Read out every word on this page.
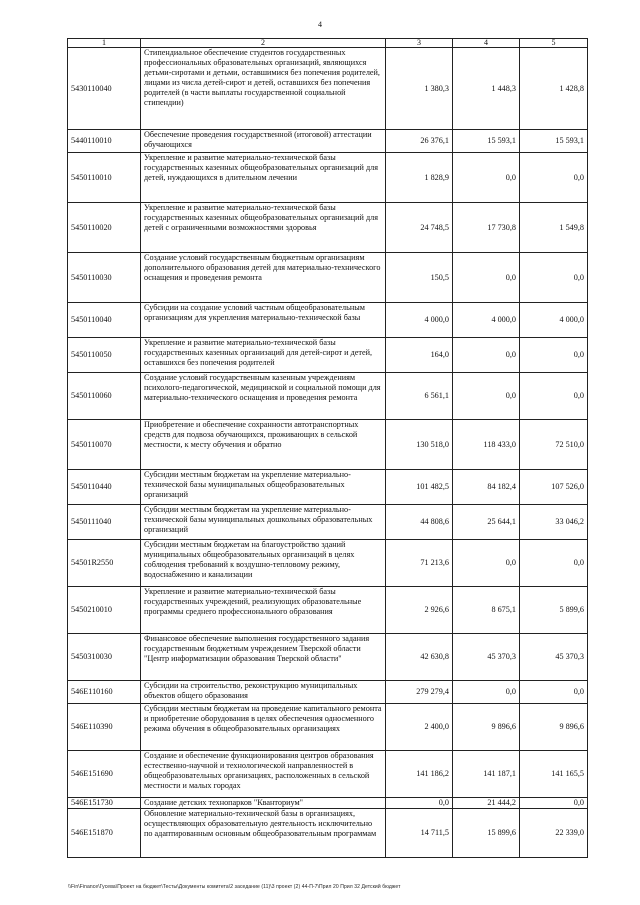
4
1	2	3	4	5
5430110040	Стипендиальное обеспечение студентов государственных профессиональных образовательных организаций, являющихся детьми-сиротами и детьми, оставшимися без попечения родителей, лицами из числа детей-сирот и детей, оставшихся без попечения родителей (в части выплаты государственной социальной стипендии)	1 380,3	1 448,3	1 428,8
5440110010	Обеспечение проведения государственной (итоговой) аттестации обучающихся	26 376,1	15 593,1	15 593,1
5450110010	Укрепление и развитие материально-технической базы государственных казенных общеобразовательных организаций для детей, нуждающихся в длительном лечении	1 828,9	0,0	0,0
5450110020	Укрепление и развитие материально-технической базы государственных казенных общеобразовательных организаций для детей с ограниченными возможностями здоровья	24 748,5	17 730,8	1 549,8
5450110030	Создание условий государственным бюджетным организациям дополнительного образования детей для материально-технического оснащения и проведения ремонта	150,5	0,0	0,0
5450110040	Субсидии на создание условий частным общеобразовательным организациям для укрепления материально-технической базы	4 000,0	4 000,0	4 000,0
5450110050	Укрепление и развитие материально-технической базы государственных казенных организаций для детей-сирот и детей, оставшихся без попечения родителей	164,0	0,0	0,0
5450110060	Создание условий государственным казенным учреждениям психолого-педагогической, медицинской и социальной помощи для материально-технического оснащения и проведения ремонта	6 561,1	0,0	0,0
5450110070	Приобретение и обеспечение сохранности автотранспортных средств для подвоза обучающихся, проживающих в сельской местности, к месту обучения и обратно	130 518,0	118 433,0	72 510,0
5450110440	Субсидии местным бюджетам на укрепление материально-технической базы муниципальных общеобразовательных организаций	101 482,5	84 182,4	107 526,0
5450111040	Субсидии местным бюджетам на укрепление материально-технической базы муниципальных дошкольных образовательных организаций	44 808,6	25 644,1	33 046,2
54501R2550	Субсидии местным бюджетам на благоустройство зданий муниципальных общеобразовательных организаций в целях соблюдения требований к воздушно-тепловому режиму, водоснабжению и канализации	71 213,6	0,0	0,0
5450210010	Укрепление и развитие материально-технической базы государственных учреждений, реализующих образовательные программы среднего профессионального образования	2 926,6	8 675,1	5 899,6
5450310030	Финансовое обеспечение выполнения государственного задания государственным бюджетным учреждением Тверской области "Центр информатизации образования Тверской области"	42 630,8	45 370,3	45 370,3
546E110160	Субсидии на строительство, реконструкцию муниципальных объектов общего образования	279 279,4	0,0	0,0
546E110390	Субсидии местным бюджетам на проведение капитального ремонта и приобретение оборудования в целях обеспечения односменного режима обучения в общеобразовательных организациях	2 400,0	9 896,6	9 896,6
546E151690	Создание и обеспечение функционирования центров образования естественно-научной и технологической направленностей в общеобразовательных организациях, расположенных в сельской местности и малых городах	141 186,2	141 187,1	141 165,5
546E151730	Создание детских технопарков "Кванториум"	0,0	21 444,2	0,0
546E151870	Обновление материально-технической базы в организациях, осуществляющих образовательную деятельность исключительно по адаптированным основным общеобразовательным программам	14 711,5	15 899,6	22 339,0
\\Fin\Finance\Гусева\Проект на бюджет\Тесты\Документы комитета\2 заседание (11)\3 проект (2) 44-П-7\Прил 20 Прил 32 Детский бюджет
